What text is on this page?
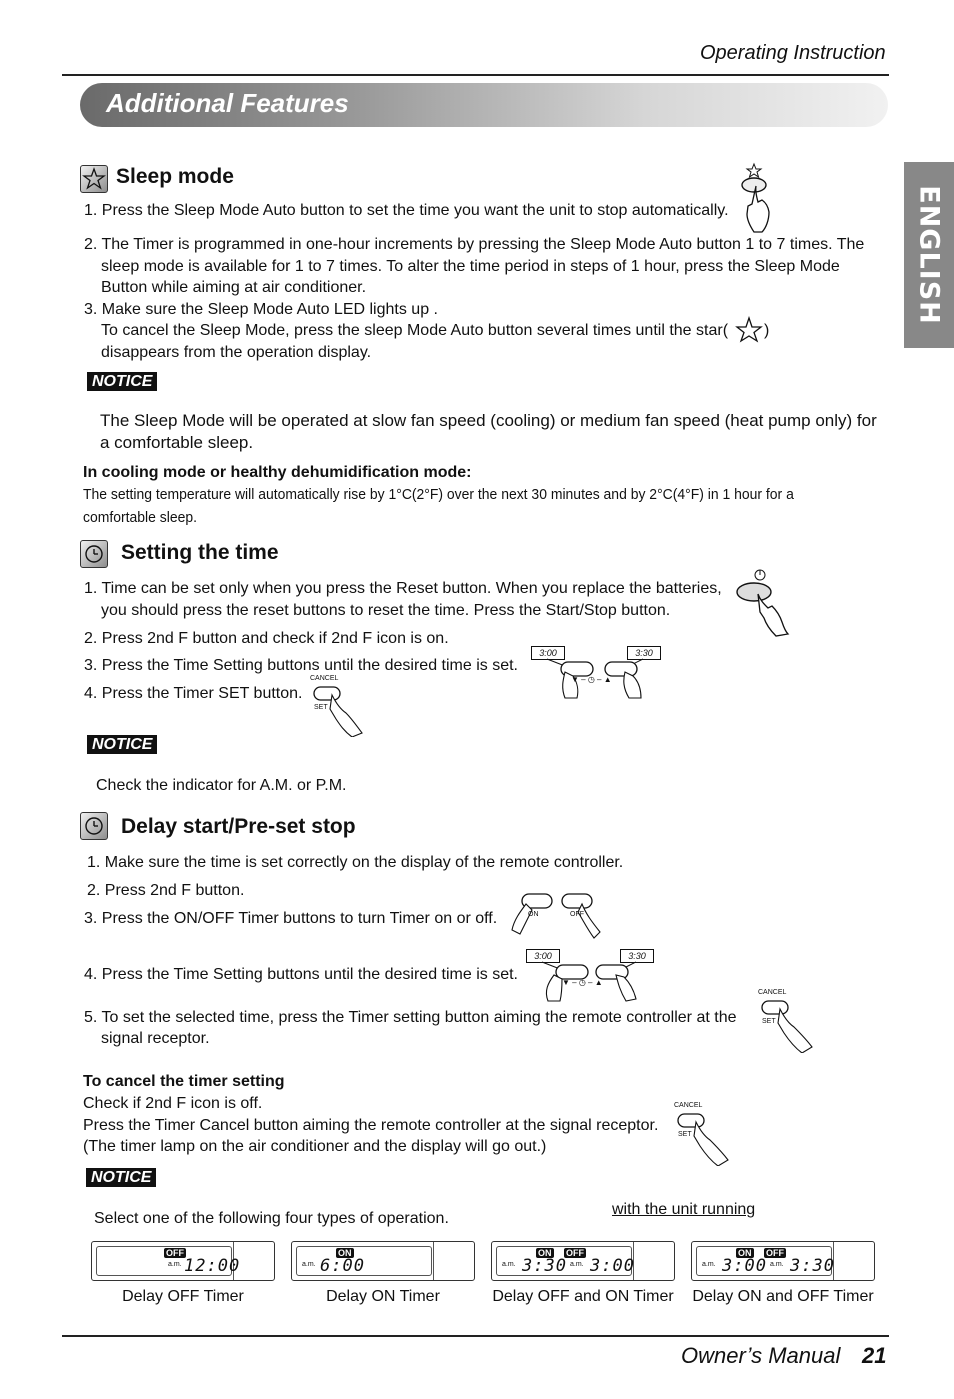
Operating Instruction
Additional Features
ENGLISH
Sleep mode
1. Press the Sleep Mode Auto button to set the time you want the unit to stop automatically.
2. The Timer is programmed in one-hour increments by pressing the Sleep Mode Auto button 1 to 7 times. The
sleep mode is available for 1 to 7 times. To alter the time period in steps of 1 hour, press the Sleep Mode
Button while aiming at air conditioner.
3. Make sure the Sleep Mode Auto LED lights up .
To cancel the Sleep Mode, press the sleep Mode Auto button several times until the star( )
disappears from the operation display.
NOTICE
The Sleep Mode will be operated at slow fan speed (cooling) or medium fan speed (heat pump only) for
a comfortable sleep.
In cooling mode or healthy dehumidification mode:
The setting temperature will automatically rise by 1°C(2°F) over the next 30 minutes and by 2°C(4°F) in 1 hour for a
comfortable sleep.
Setting the time
1. Time can be set only when you press the Reset button. When you replace the batteries,
you should press the reset buttons to reset the time. Press the Start/Stop button.
2. Press 2nd F button and check if 2nd F icon is on.
3. Press the Time Setting buttons until the desired time is set.
4. Press the Timer SET button.
3:00	3:30
▼ – ◷ – ▲
CANCEL
SET
NOTICE
Check the indicator for A.M. or P.M.
Delay start/Pre-set stop
1. Make sure the time is set correctly on the display of the remote controller.
2. Press 2nd F button.
3. Press the ON/OFF Timer buttons to turn Timer on or off.	ON	OFF
4. Press the Time Setting buttons until the desired time is set.
3:00	3:30
▼ – ◷ – ▲
CANCEL
SET
5. To set the selected time, press the Timer setting button aiming the remote controller at the
signal receptor.
To cancel the timer setting
Check if 2nd F icon is off.
Press the Timer Cancel button aiming the remote controller at the signal receptor.
(The timer lamp on the air conditioner and the display will go out.)
CANCEL
SET
NOTICE
Select one of the following four types of operation.
with the unit running
OFF
a.m. 12:00
ON
a.m. 6:00
ON OFF
a.m. 3:30 a.m. 3:00
ON OFF
a.m. 3:00 a.m. 3:30
Delay OFF Timer	Delay ON Timer	Delay OFF and ON Timer	Delay ON and OFF Timer
Owner’s Manual 21
